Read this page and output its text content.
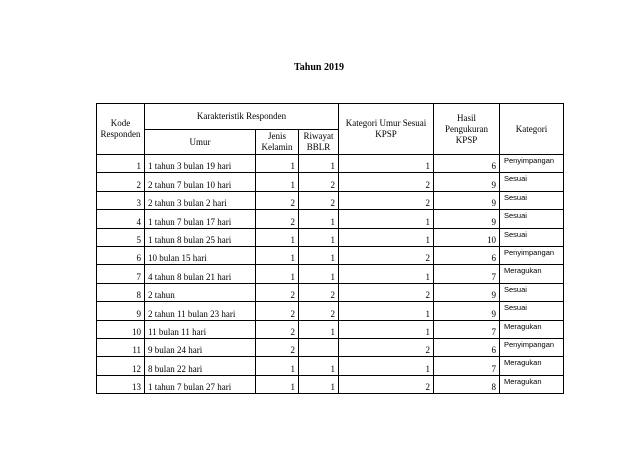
Tahun 2019
Kode Responden	Karakteristik Responden			Kategori Umur Sesuai KPSP	Hasil Pengukuran KPSP	Kategori
	Umur	Jenis Kelamin	Riwayat BBLR			
1	1 tahun 3 bulan 19 hari	1	1	1	6	Penyimpangan
2	2 tahun 7 bulan 10 hari	1	2	2	9	Sesuai
3	2 tahun 3 bulan 2 hari	2	2	2	9	Sesuai
4	1 tahun 7 bulan 17 hari	2	1	1	9	Sesuai
5	1 tahun 8 bulan 25 hari	1	1	1	10	Sesuai
6	10 bulan 15 hari	1	1	2	6	Penyimpangan
7	4 tahun 8 bulan 21 hari	1	1	1	7	Meragukan
8	2 tahun	2	2	2	9	Sesuai
9	2 tahun 11 bulan 23 hari	2	2	1	9	Sesuai
10	11 bulan 11 hari	2	1	1	7	Meragukan
11	9 bulan 24 hari	2		2	6	Penyimpangan
12	8 bulan 22 hari	1	1	1	7	Meragukan
13	1 tahun 7 bulan 27 hari	1	1	2	8	Meragukan
